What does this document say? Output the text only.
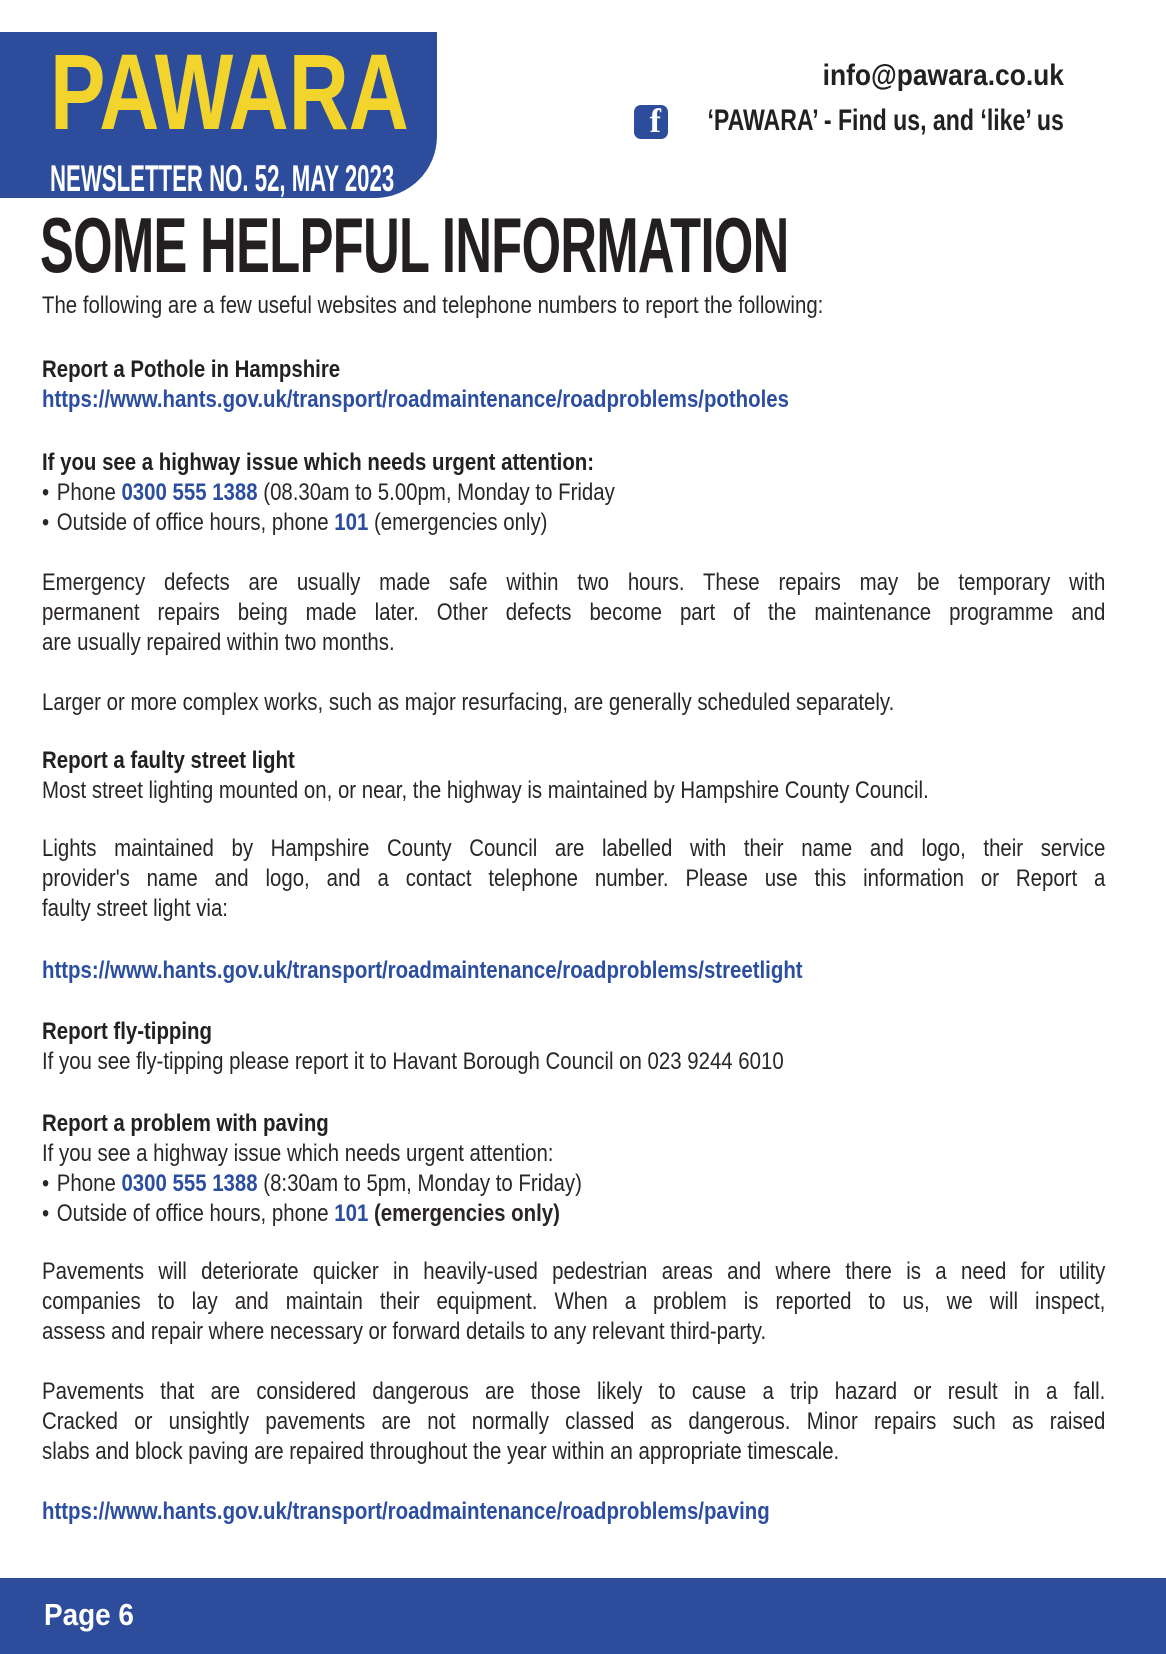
PAWARA
NEWSLETTER NO. 52, MAY 2023
info@pawara.co.uk
‘PAWARA’ - Find us, and ‘like’ us
f
SOME HELPFUL INFORMATION

The following are a few useful websites and telephone numbers to report the following:

Report a Pothole in Hampshire

https://www.hants.gov.uk/transport/roadmaintenance/roadproblems/potholes

If you see a highway issue which needs urgent attention:

• Phone 0300 555 1388 (08.30am to 5.00pm, Monday to Friday
• Outside of office hours, phone 101 (emergencies only)

Emergency defects are usually made safe within two hours. These repairs may be temporary with
permanent repairs being made later. Other defects become part of the maintenance programme and
are usually repaired within two months.

Larger or more complex works, such as major resurfacing, are generally scheduled separately.

Report a faulty street light

Most street lighting mounted on, or near, the highway is maintained by Hampshire County Council.

Lights maintained by Hampshire County Council are labelled with their name and logo, their service
provider's name and logo, and a contact telephone number. Please use this information or Report a
faulty street light via:

https://www.hants.gov.uk/transport/roadmaintenance/roadproblems/streetlight

Report fly-tipping

If you see fly-tipping please report it to Havant Borough Council on 023 9244 6010

Report a problem with paving

If you see a highway issue which needs urgent attention:

• Phone 0300 555 1388 (8:30am to 5pm, Monday to Friday)
• Outside of office hours, phone 101 (emergencies only)

Pavements will deteriorate quicker in heavily-used pedestrian areas and where there is a need for utility
companies to lay and maintain their equipment. When a problem is reported to us, we will inspect,
assess and repair where necessary or forward details to any relevant third-party.

Pavements that are considered dangerous are those likely to cause a trip hazard or result in a fall.
Cracked or unsightly pavements are not normally classed as dangerous. Minor repairs such as raised
slabs and block paving are repaired throughout the year within an appropriate timescale.

https://www.hants.gov.uk/transport/roadmaintenance/roadproblems/paving

Page 6
